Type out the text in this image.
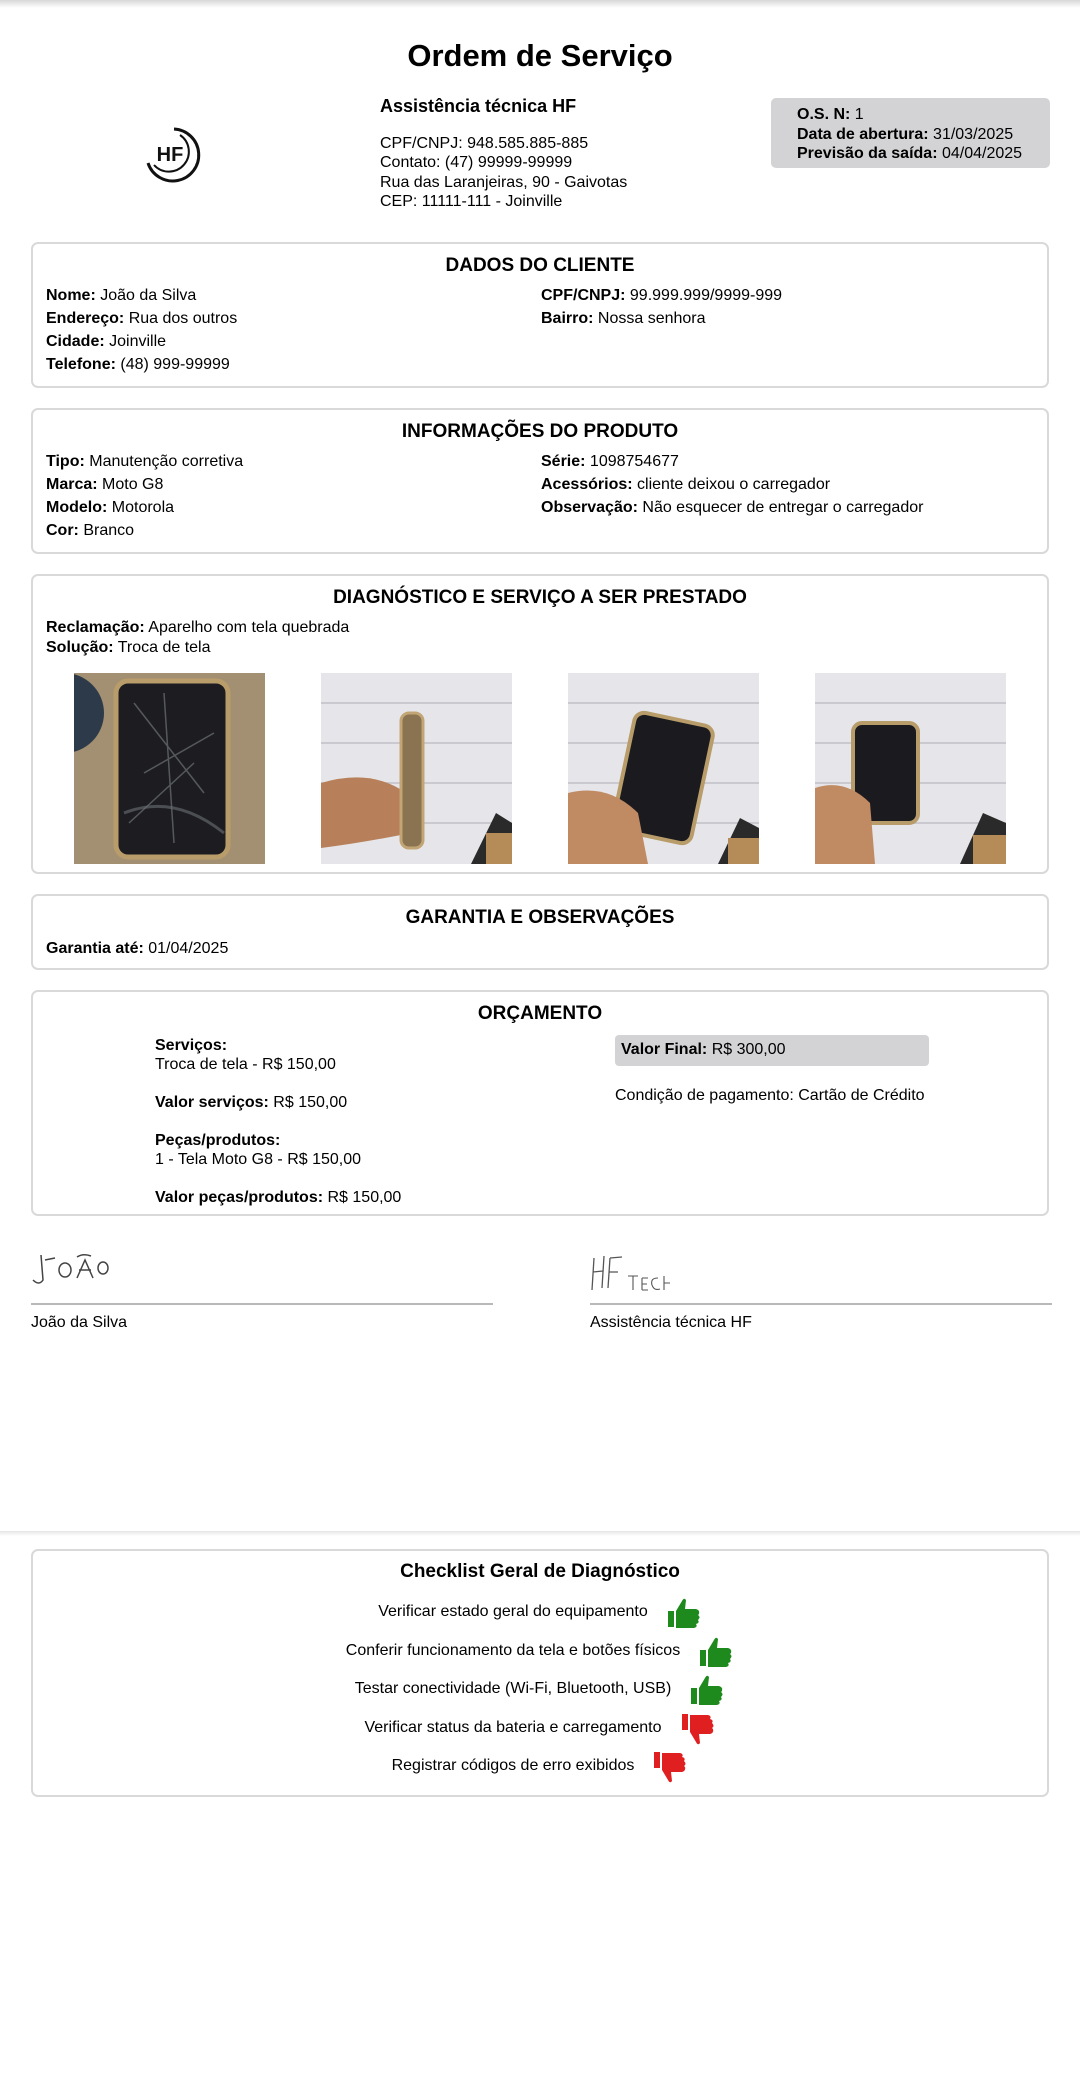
Ordem de Serviço
HF
Assistência técnica HF
CPF/CNPJ: 948.585.885-885
Contato: (47) 99999-99999
Rua das Laranjeiras, 90 - Gaivotas
CEP: 11111-111 - Joinville
O.S. N: 1
Data de abertura: 31/03/2025
Previsão da saída: 04/04/2025
DADOS DO CLIENTE
Nome: João da Silva
Endereço: Rua dos outros
Cidade: Joinville
Telefone: (48) 999-99999
CPF/CNPJ: 99.999.999/9999-999
Bairro: Nossa senhora
INFORMAÇÕES DO PRODUTO
Tipo: Manutenção corretiva
Marca: Moto G8
Modelo: Motorola
Cor: Branco
Série: 1098754677
Acessórios: cliente deixou o carregador
Observação: Não esquecer de entregar o carregador
DIAGNÓSTICO E SERVIÇO A SER PRESTADO
Reclamação: Aparelho com tela quebrada
Solução: Troca de tela
GARANTIA E OBSERVAÇÕES
Garantia até: 01/04/2025
ORÇAMENTO
Serviços:
Troca de tela - R$ 150,00
Valor serviços: R$ 150,00
Peças/produtos:
1 - Tela Moto G8 - R$ 150,00
Valor peças/produtos: R$ 150,00
Valor Final: R$ 300,00
Condição de pagamento: Cartão de Crédito
JOÃO
João da Silva
HFTECH
Assistência técnica HF
Checklist Geral de Diagnóstico
Verificar estado geral do equipamento
Conferir funcionamento da tela e botões físicos
Testar conectividade (Wi-Fi, Bluetooth, USB)
Verificar status da bateria e carregamento
Registrar códigos de erro exibidos
